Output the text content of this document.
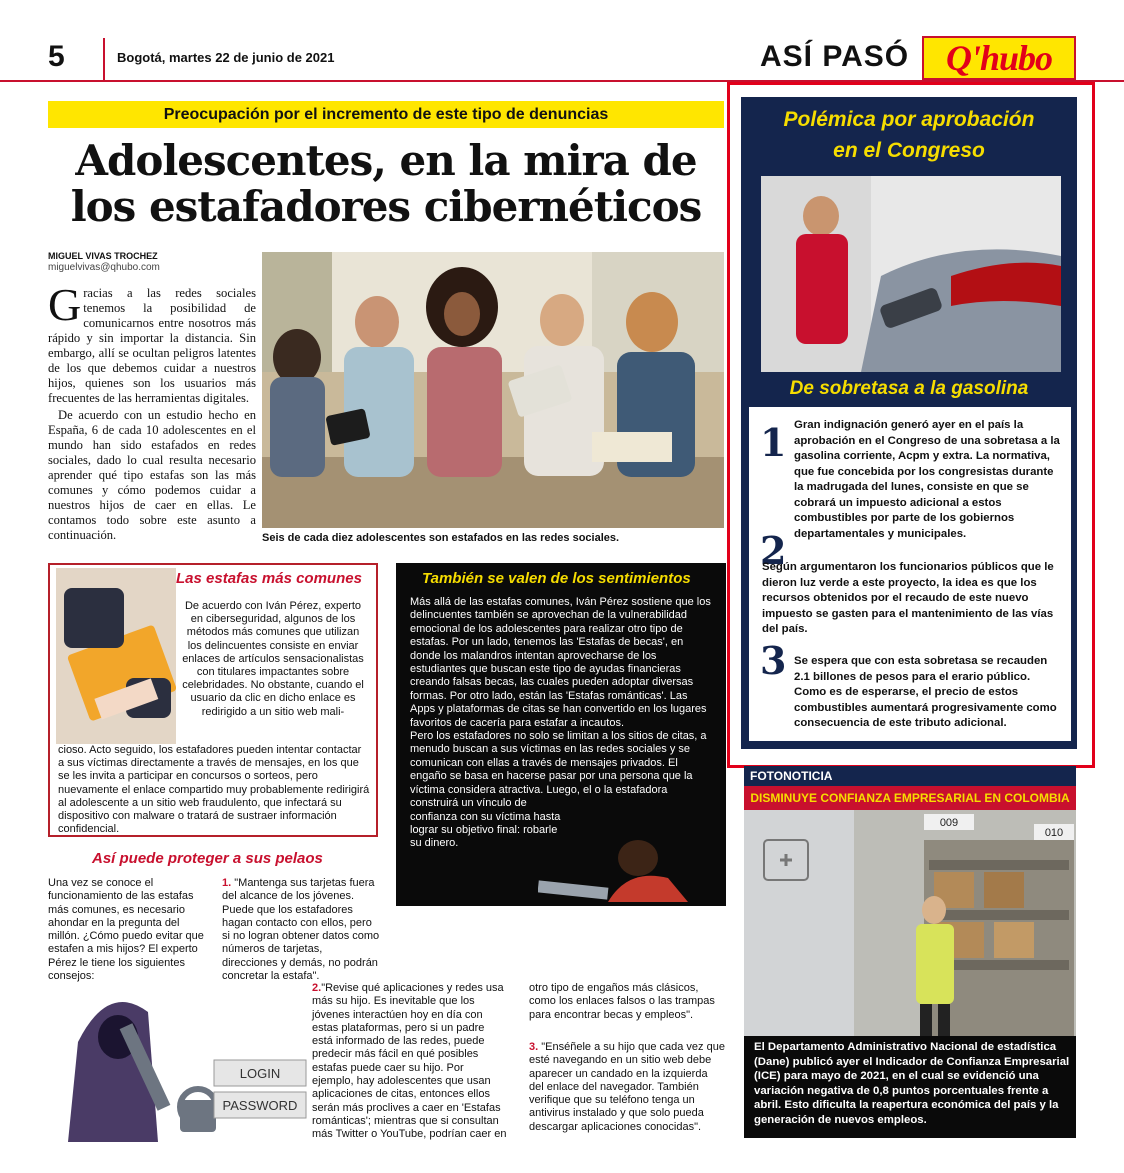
5	Bogotá, martes 22 de junio de 2021	ASÍ PASÓ	Q'hubo
Preocupación por el incremento de este tipo de denuncias
Adolescentes, en la mira de
los estafadores cibernéticos
MIGUEL VIVAS TROCHEZ
miguelvivas@qhubo.com

Gracias a las redes sociales tenemos la posibilidad de comunicarnos entre nosotros más rápido y sin importar la distancia. Sin embargo, allí se ocultan peligros latentes de los que debemos cuidar a nuestros hijos, quienes son los usuarios más frecuentes de las herramientas digitales.

De acuerdo con un estudio hecho en España, 6 de cada 10 adolescentes en el mundo han sido estafados en redes sociales, dado lo cual resulta necesario aprender qué tipo estafas son las más comunes y cómo podemos cuidar a nuestros hijos de caer en ellas. Le contamos todo sobre este asunto a continuación.	Seis de cada diez adolescentes son estafados en las redes sociales.
Las estafas más comunes
De acuerdo con Iván Pérez, experto en ciberseguridad, algunos de los métodos más comunes que utilizan los delincuentes consiste en enviar enlaces de artículos sensacionalistas con titulares impactantes sobre celebridades. No obstante, cuando el usuario da clic en dicho enlace es redirigido a un sitio web mali-
cioso. Acto seguido, los estafadores pueden intentar contactar a sus víctimas directamente a través de mensajes, en los que se les invita a participar en concursos o sorteos, pero nuevamente el enlace compartido muy probablemente redirigirá al adolescente a un sitio web fraudulento, que infectará su dispositivo con malware o tratará de sustraer información confidencial.
También se valen de los sentimientos

Más allá de las estafas comunes, Iván Pérez sostiene que los delincuentes también se aprovechan de la vulnerabilidad emocional de los adolescentes para realizar otro tipo de estafas. Por un lado, tenemos las 'Estafas de becas', en donde los malandros intentan aprovecharse de los estudiantes que buscan este tipo de ayudas financieras creando falsas becas, las cuales pueden adoptar diversas formas. Por otro lado, están las 'Estafas románticas'. Las Apps y plataformas de citas se han convertido en los lugares favoritos de cacería para estafar a incautos.

Pero los estafadores no solo se limitan a los sitios de citas, a menudo buscan a sus víctimas en las redes sociales y se comunican con ellas a través de mensajes privados. El engaño se basa en hacerse pasar por una persona que la víctima considera atractiva. Luego, el o la estafadora

construirá un vínculo de confianza con su víctima hasta lograr su objetivo final: robarle su dinero.

Así puede proteger a sus pelaos
Una vez se conoce el funcionamiento de las estafas más comunes, es necesario ahondar en la pregunta del millón. ¿Cómo puedo evitar que estafen a mis hijos? El experto Pérez le tiene los siguientes consejos:
1. "Mantenga sus tarjetas fuera del alcance de los jóvenes. Puede que los estafadores hagan contacto con ellos, pero si no logran obtener datos como números de tarjetas, direcciones y demás, no podrán concretar la estafa".
2."Revise qué aplicaciones y redes usa más su hijo. Es inevitable que los jóvenes interactúen hoy en día con estas plataformas, pero si un padre está informado de las redes, puede predecir más fácil en qué posibles estafas puede caer su hijo. Por ejemplo, hay adolescentes que usan aplicaciones de citas, entonces ellos serán más proclives a caer en 'Estafas románticas'; mientras que si consultan más Twitter o YouTube, podrían caer en
otro tipo de engaños más clásicos, como los enlaces falsos o las trampas para encontrar becas y empleos".
3. "Enséñele a su hijo que cada vez que esté navegando en un sitio web debe aparecer un candado en la izquierda del enlace del navegador. También verifique que su teléfono tenga un antivirus instalado y que solo pueda descargar aplicaciones conocidas".
LOGIN
PASSWORD
Polémica por aprobación
en el Congreso
De sobretasa a la gasolina
1 Gran indignación generó ayer en el país la aprobación en el Congreso de una sobretasa a la gasolina corriente, Acpm y extra. La normativa, que fue concebida por los congresistas durante la madrugada del lunes, consiste en que se cobrará un impuesto adicional a estos combustibles por parte de los gobiernos departamentales y municipales.
2
Según argumentaron los funcionarios públicos que le dieron luz verde a este proyecto, la idea es que los recursos obtenidos por el recaudo de este nuevo impuesto se gasten para el mantenimiento de las vías del país.
3 Se espera que con esta sobretasa se recauden 2.1 billones de pesos para el erario público. Como es de esperarse, el precio de estos combustibles aumentará progresivamente como consecuencia de este tributo adicional.
FOTONOTICIA
DISMINUYE CONFIANZA EMPRESARIAL EN COLOMBIA
009
010
El Departamento Administrativo Nacional de estadística (Dane) publicó ayer el Indicador de Confianza Empresarial (ICE) para mayo de 2021, en el cual se evidenció una variación negativa de 0,8 puntos porcentuales frente a abril. Esto dificulta la reapertura económica del país y la generación de nuevos empleos.
